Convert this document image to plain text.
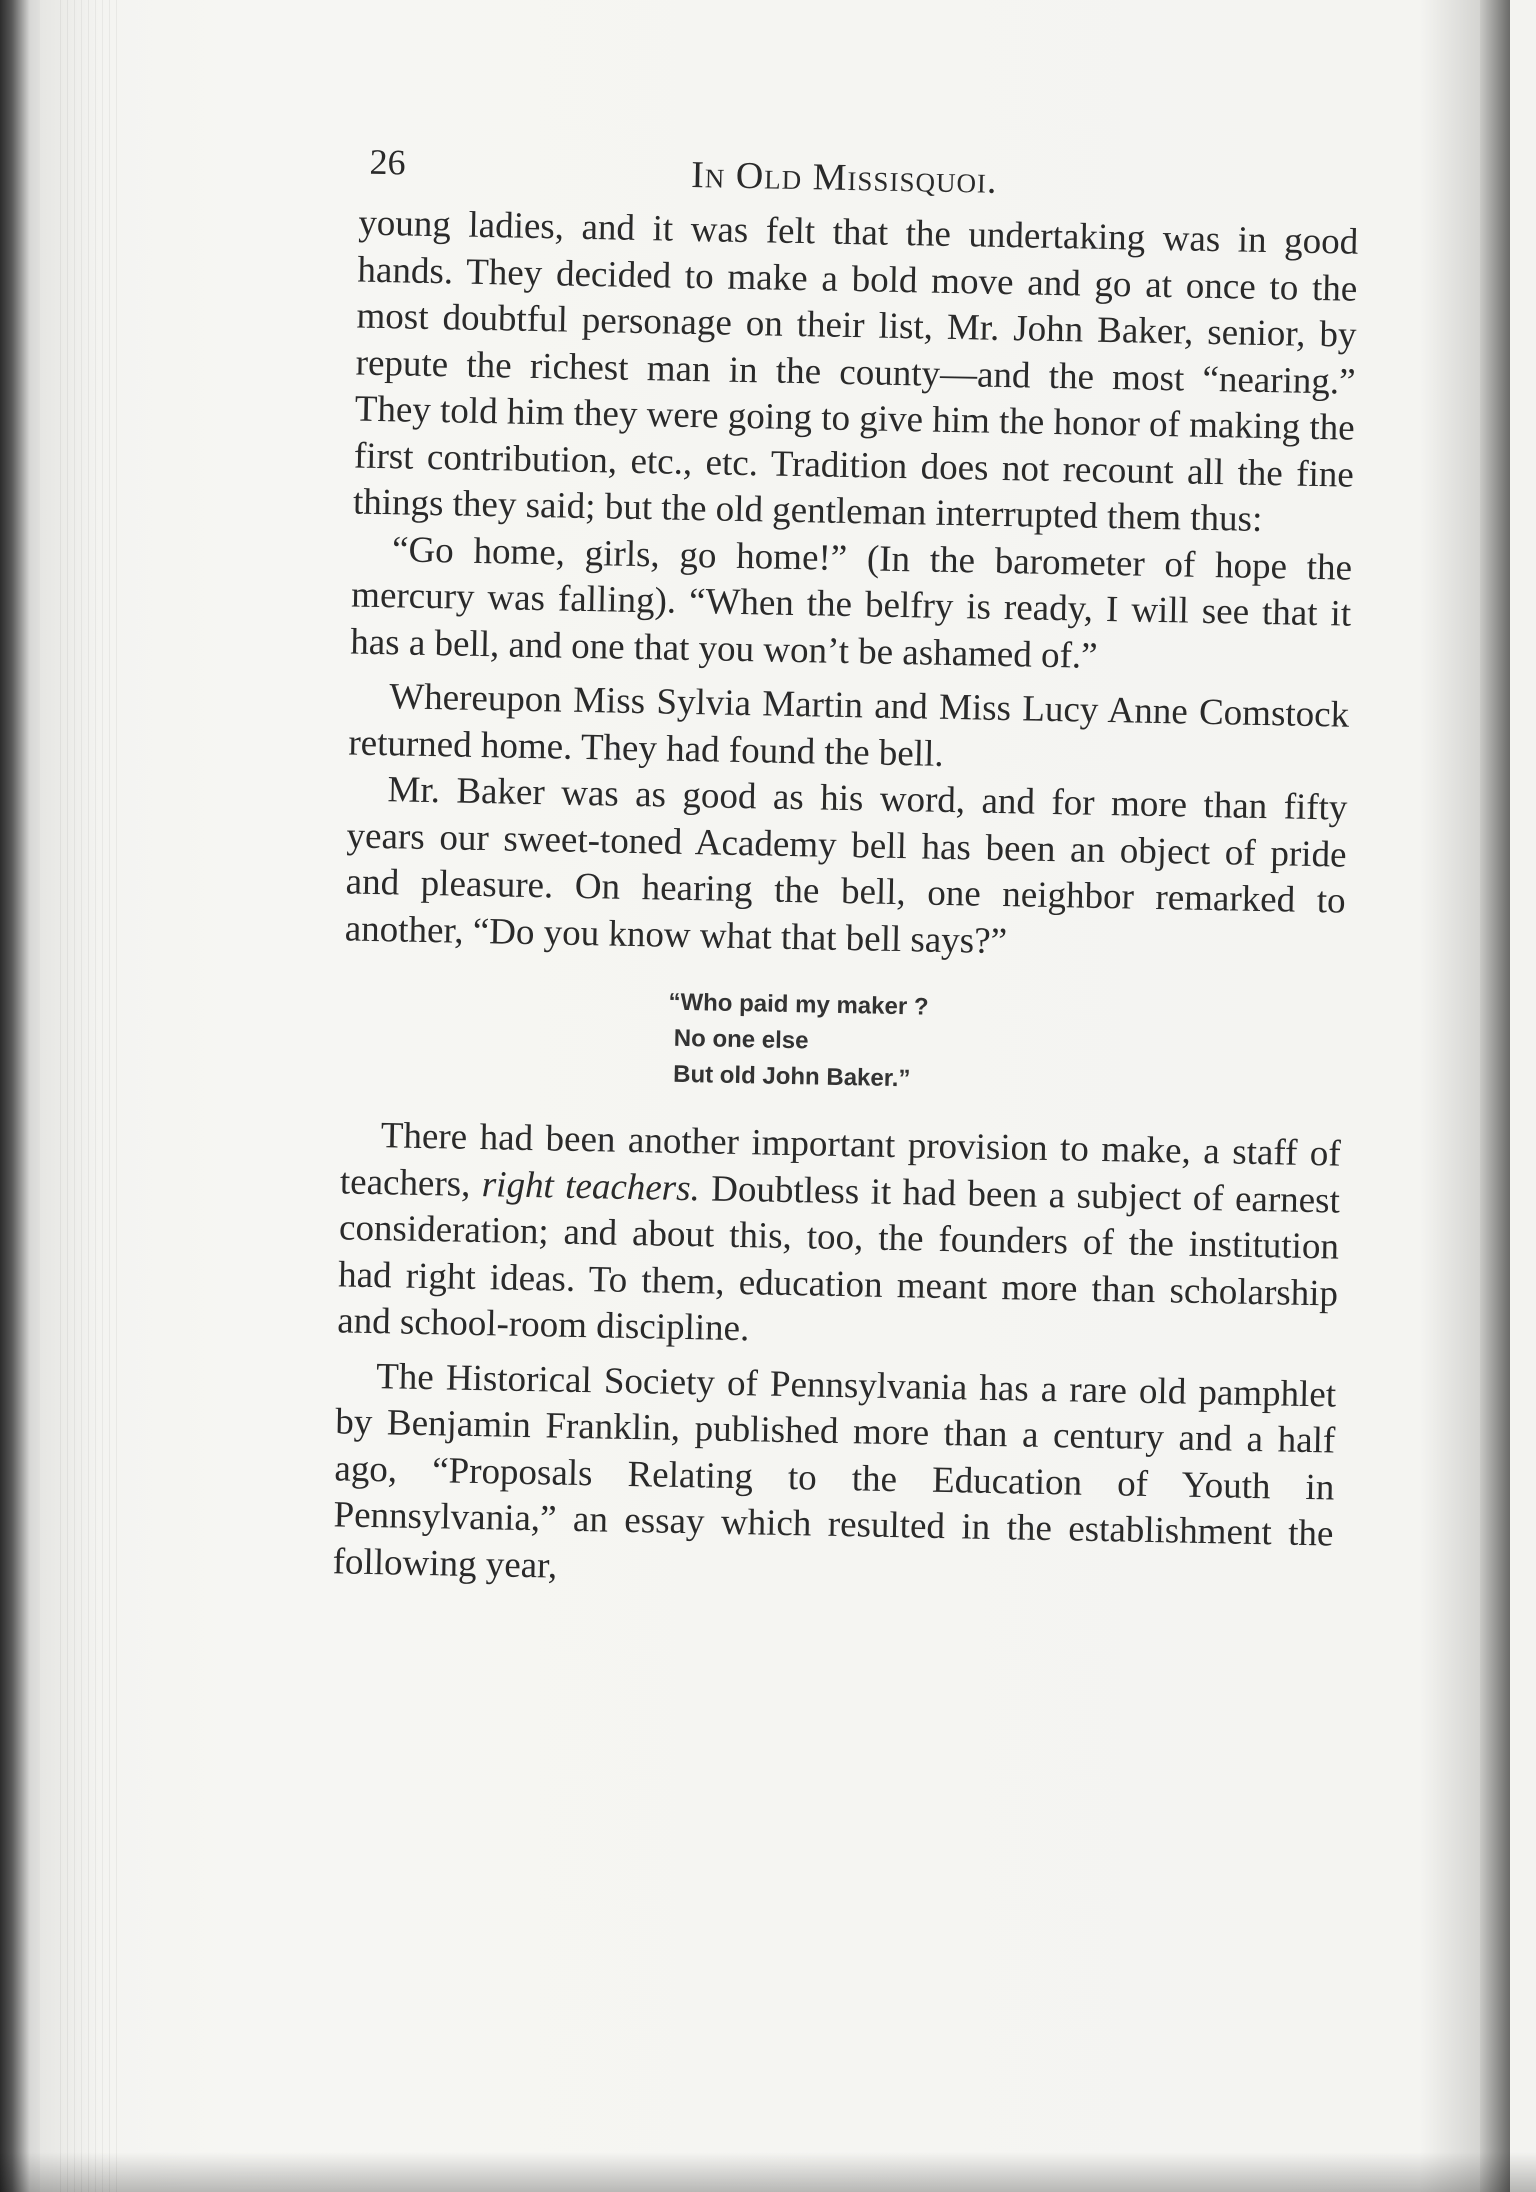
26	In Old Missisquoi.

young ladies, and it was felt that the undertaking was in good hands. They decided to make a bold move and go at once to the most doubtful personage on their list, Mr. John Baker, senior, by repute the richest man in the county—and the most “nearing.” They told him they were going to give him the honor of making the first contribution, etc., etc. Tradition does not recount all the fine things they said; but the old gentleman interrupted them thus:

“Go home, girls, go home!” (In the barometer of hope the mercury was falling). “When the belfry is ready, I will see that it has a bell, and one that you won’t be ashamed of.”

Whereupon Miss Sylvia Martin and Miss Lucy Anne Comstock returned home. They had found the bell.

Mr. Baker was as good as his word, and for more than fifty years our sweet-toned Academy bell has been an object of pride and pleasure. On hearing the bell, one neighbor remarked to another, “Do you know what that bell says?”

“Who paid my maker ?
No one else
But old John Baker.”

There had been another important provision to make, a staff of teachers, right teachers. Doubtless it had been a subject of earnest consideration; and about this, too, the founders of the institution had right ideas. To them, education meant more than scholarship and school-room discipline.

The Historical Society of Pennsylvania has a rare old pamphlet by Benjamin Franklin, published more than a century and a half ago, “Proposals Relating to the Education of Youth in Pennsylvania,” an essay which resulted in the establishment the following year,
